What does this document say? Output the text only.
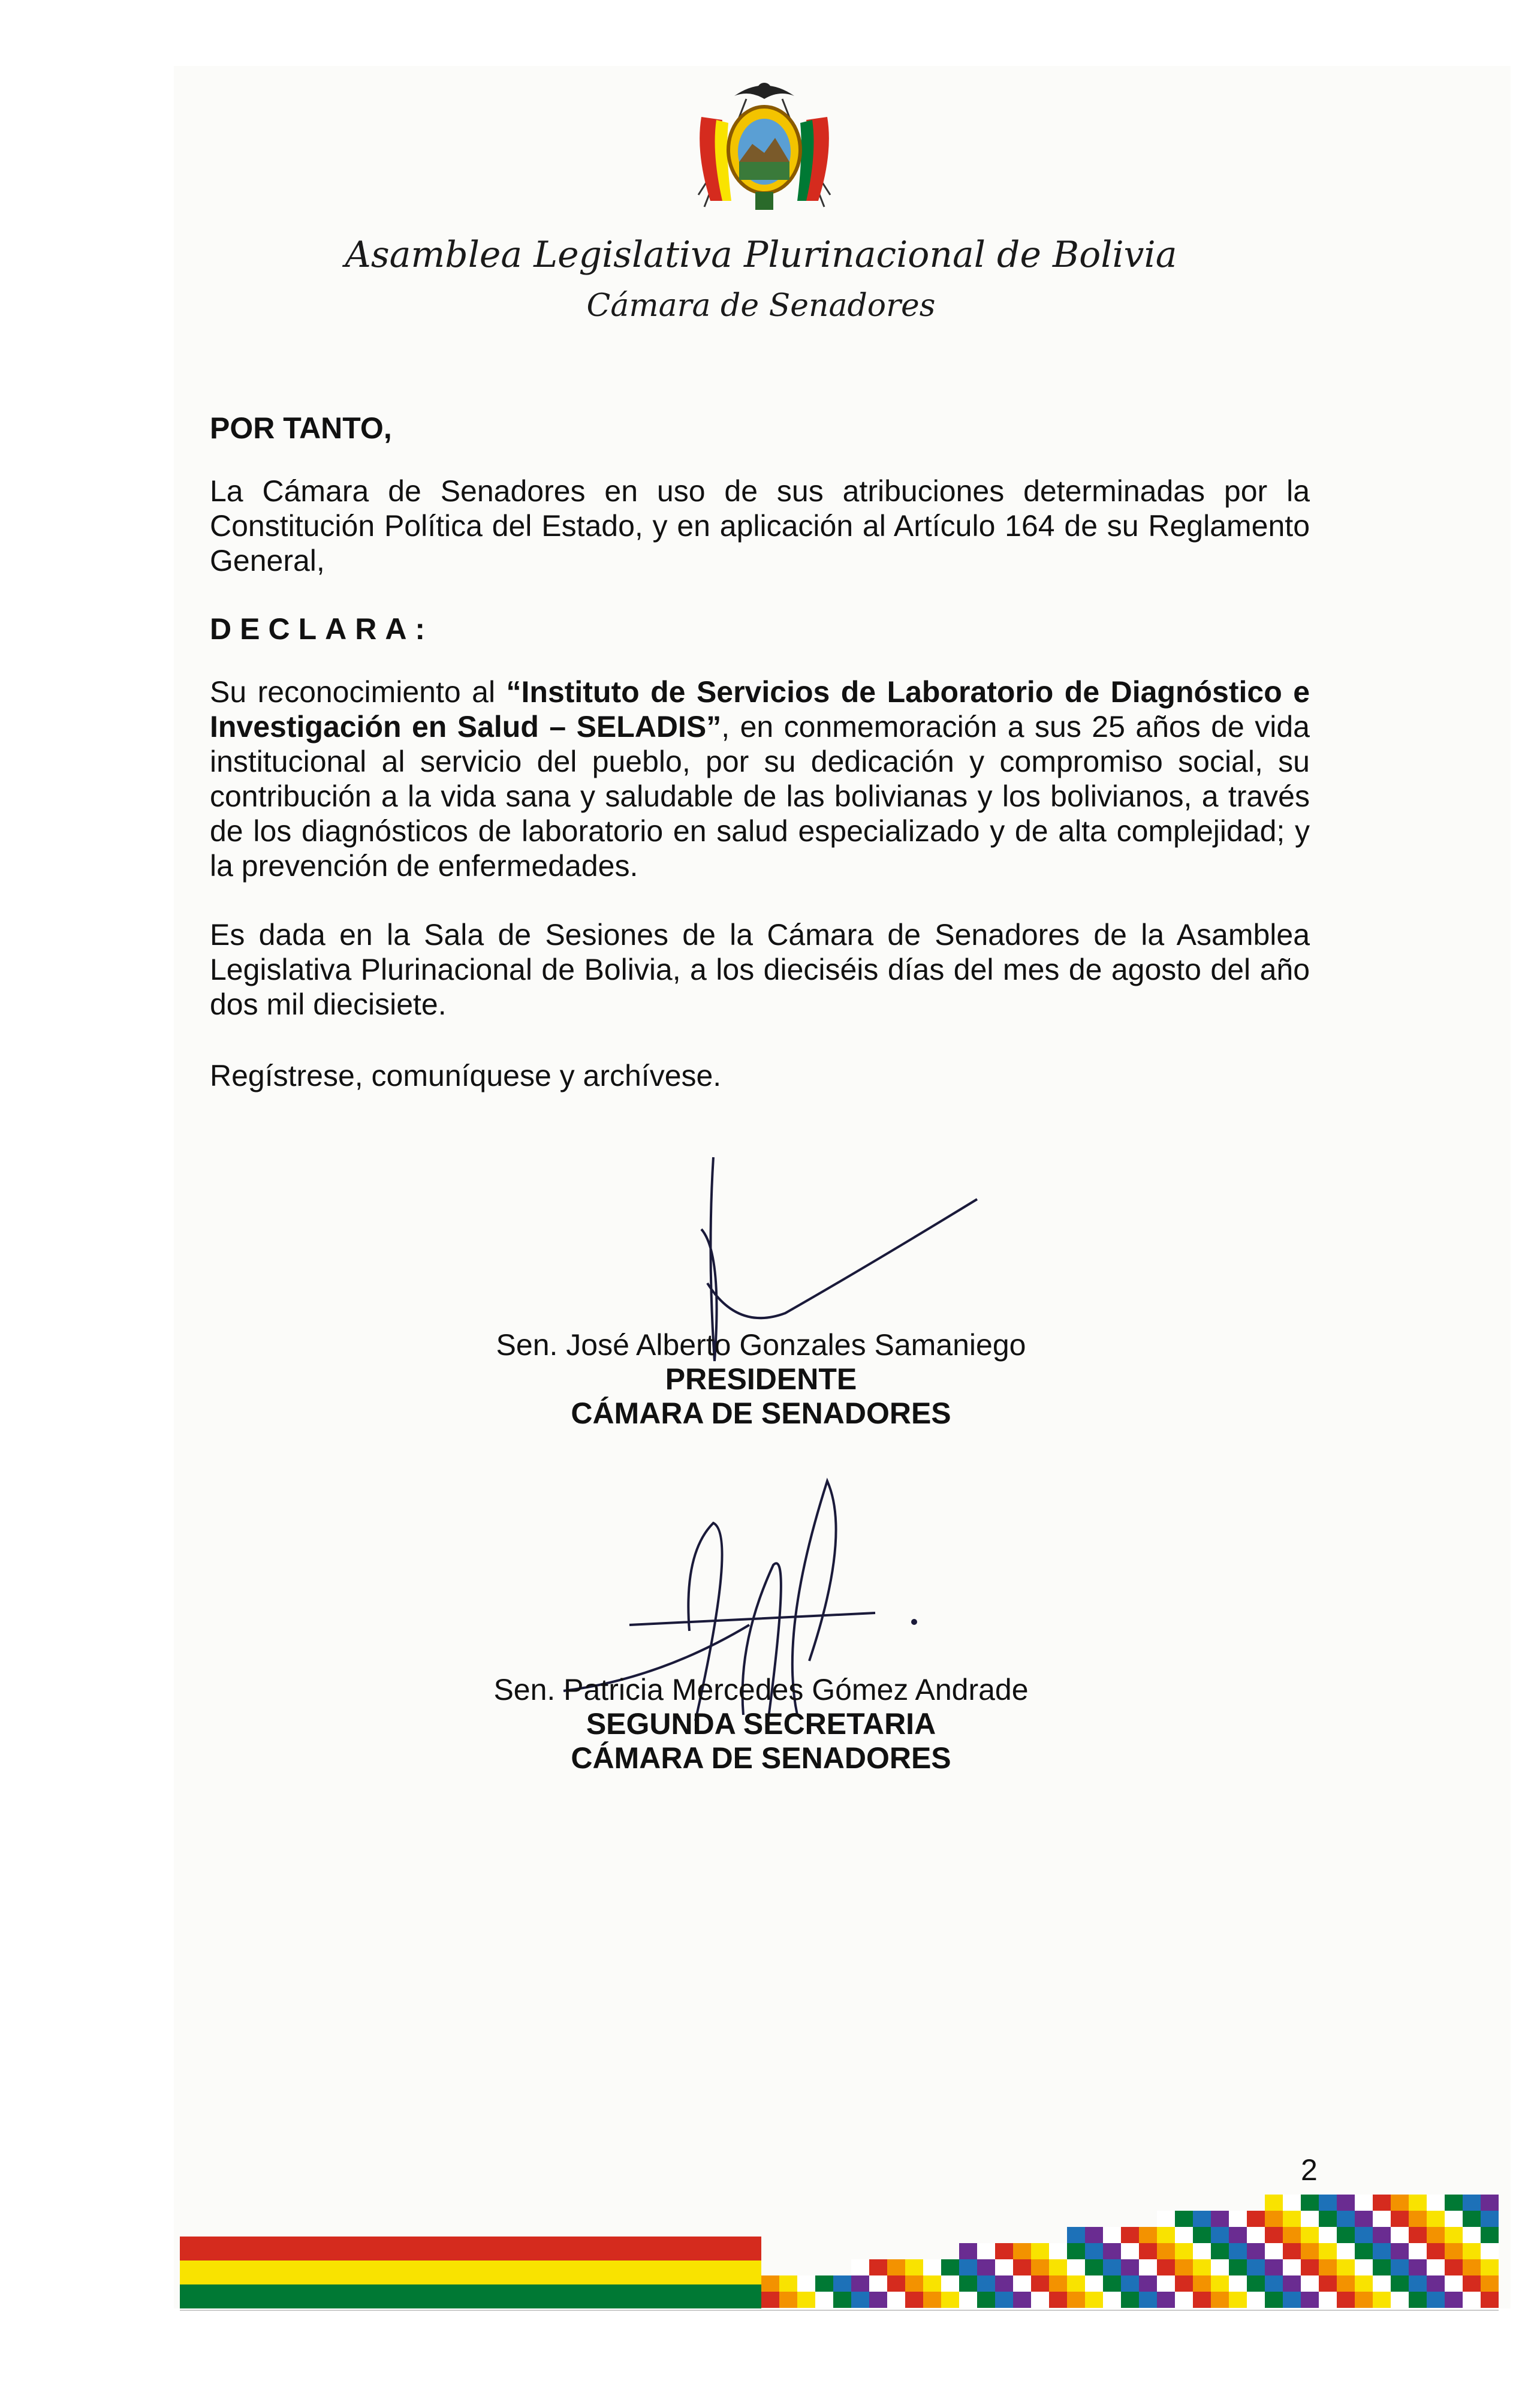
Asamblea Legislativa Plurinacional de Bolivia
Cámara de Senadores
POR TANTO,
La Cámara de Senadores en uso de sus atribuciones determinadas por la Constitución Política del Estado, y en aplicación al Artículo 164 de su Reglamento General,
DECLARA:
Su reconocimiento al “Instituto de Servicios de Laboratorio de Diagnóstico e Investigación en Salud – SELADIS”, en conmemoración a sus 25 años de vida institucional al servicio del pueblo, por su dedicación y compromiso social, su contribución a la vida sana y saludable de las bolivianas y los bolivianos, a través de los diagnósticos de laboratorio en salud especializado y de alta complejidad; y la prevención de enfermedades.
Es dada en la Sala de Sesiones de la Cámara de Senadores de la Asamblea Legislativa Plurinacional de Bolivia, a los dieciséis días del mes de agosto del año dos mil diecisiete.
Regístrese, comuníquese y archívese.
Sen. José Alberto Gonzales Samaniego
PRESIDENTE
CÁMARA DE SENADORES
Sen. Patricia Mercedes Gómez Andrade
SEGUNDA SECRETARIA
CÁMARA DE SENADORES
2
